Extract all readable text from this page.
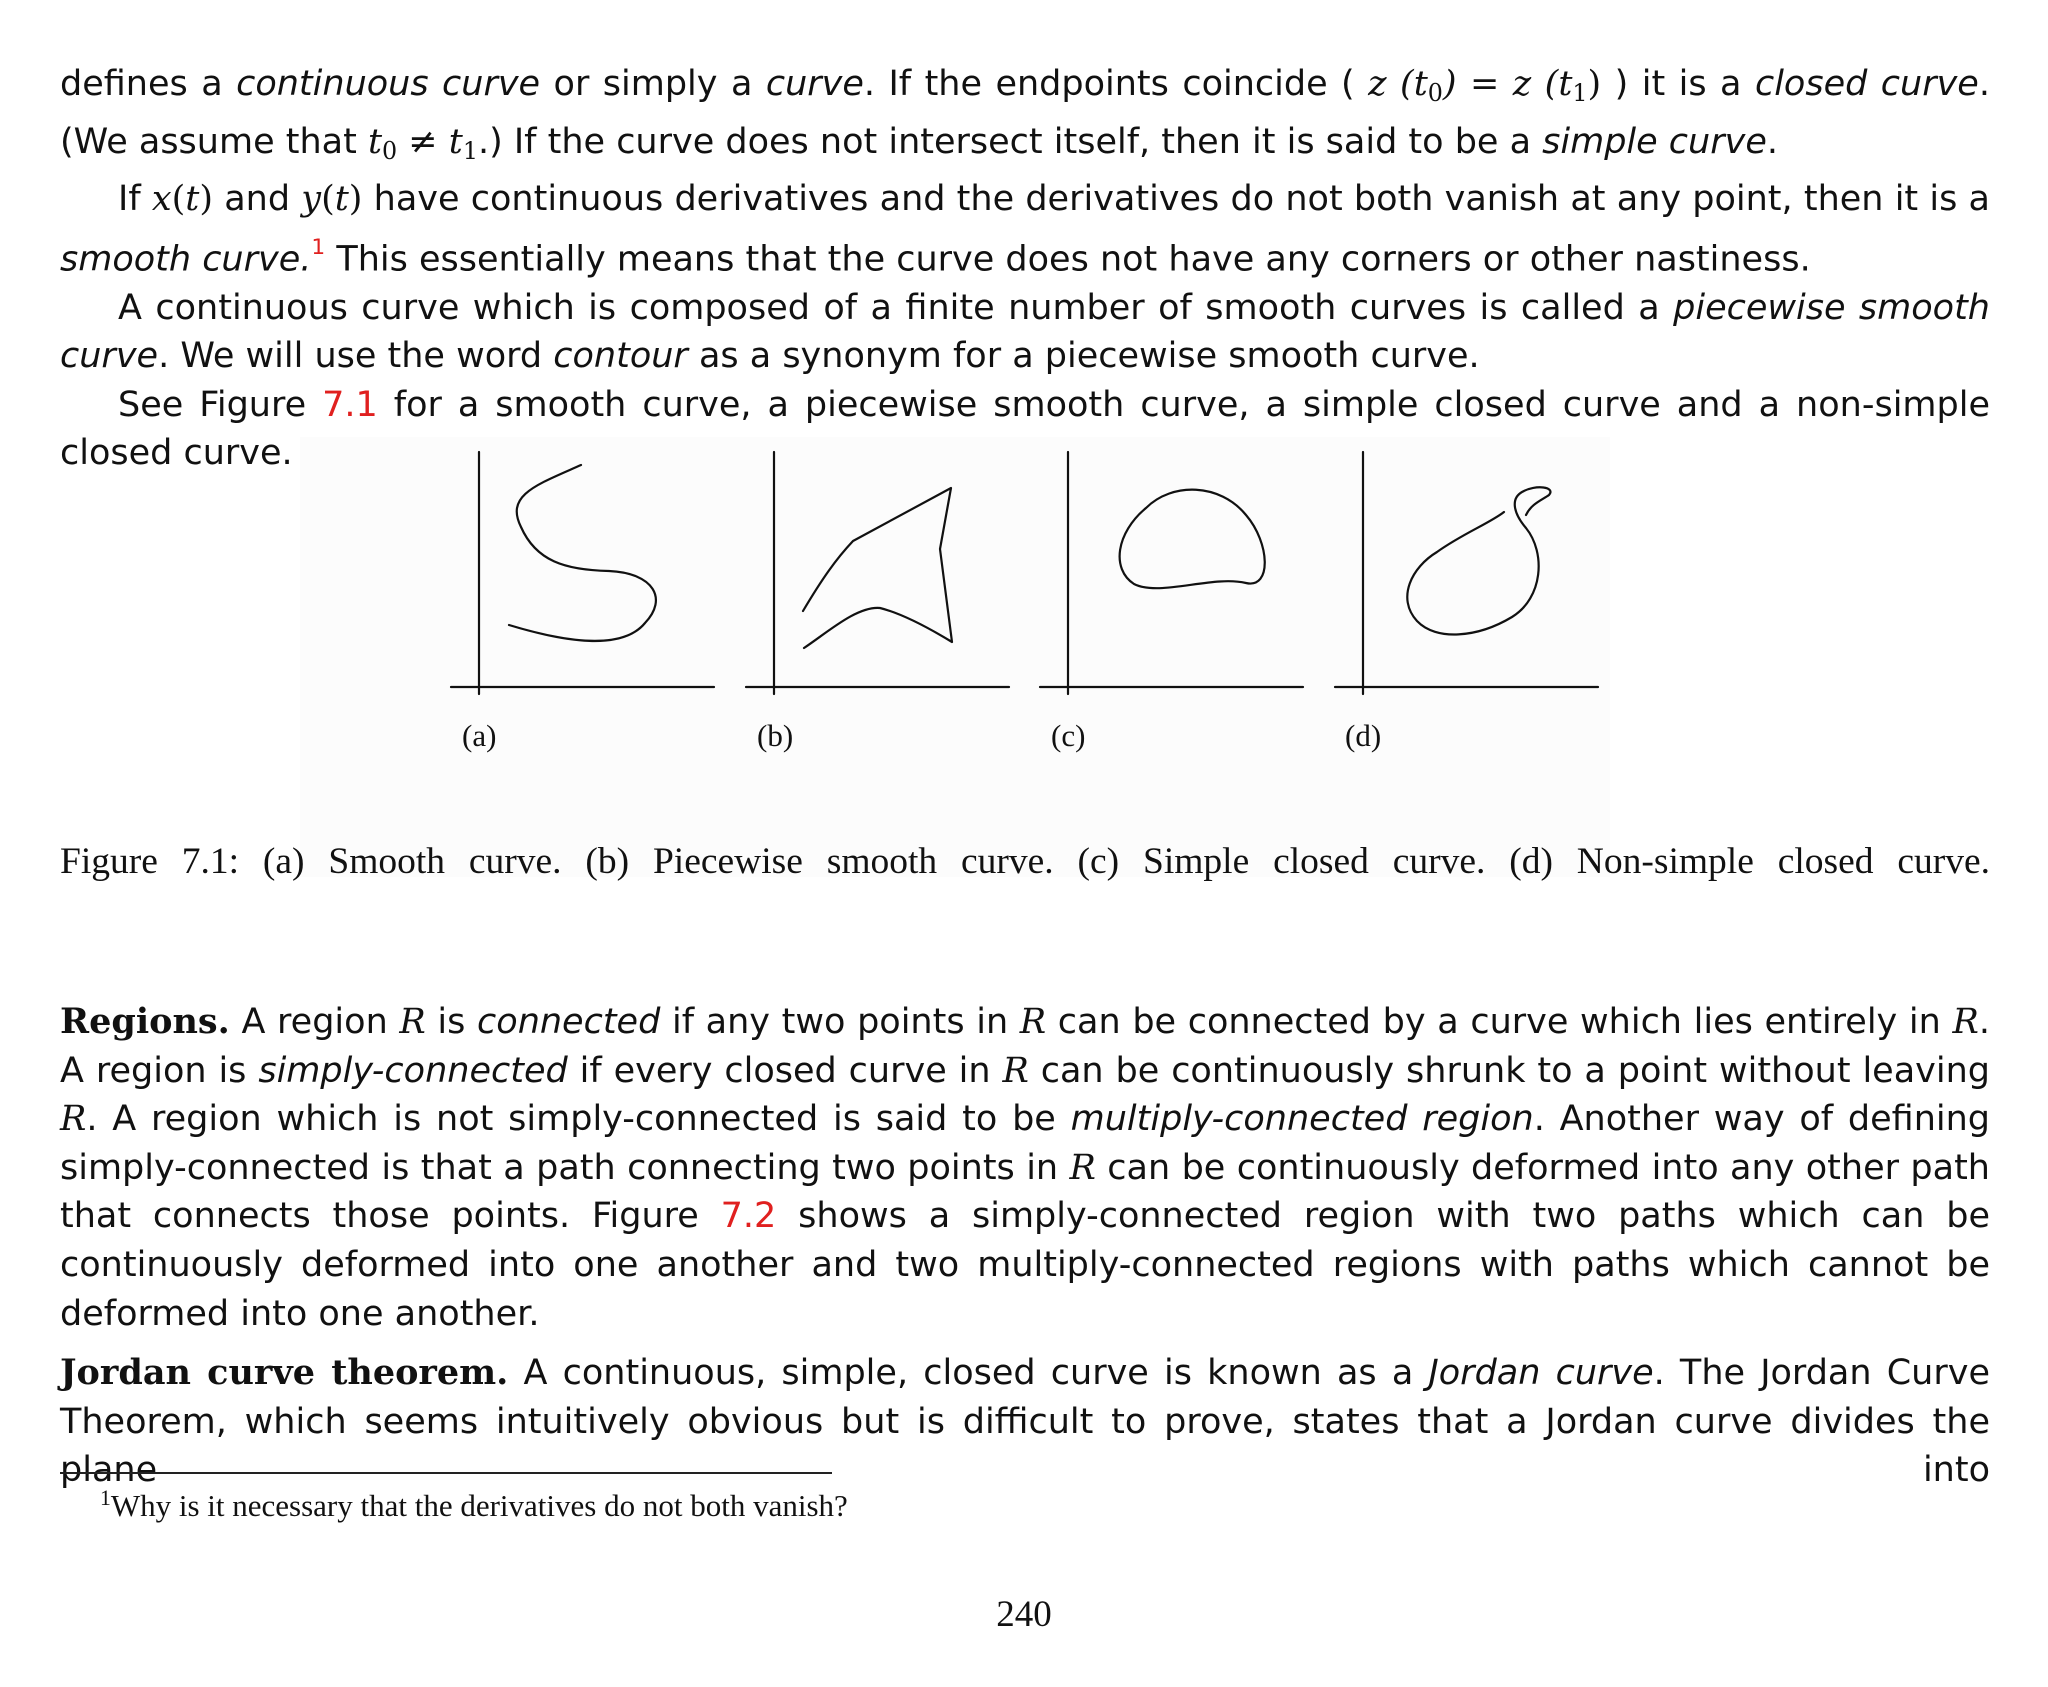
defines a continuous curve or simply a curve. If the endpoints coincide ( z $(t_0) = z$ $(t_1)$ ) it is a closed curve. (We assume that $t_0 \ne t_1$.) If the curve does not intersect itself, then it is said to be a simple curve.

If x(t) and y(t) have continuous derivatives and the derivatives do not both vanish at any point, then it is a smooth curve.$^1$ This essentially means that the curve does not have any corners or other nastiness.

A continuous curve which is composed of a finite number of smooth curves is called a piecewise smooth curve. We will use the word contour as a synonym for a piecewise smooth curve.

See Figure 7.1 for a smooth curve, a piecewise smooth curve, a simple closed curve and a non-simple closed curve.

(a)	(b)	(c)	(d)
Figure 7.1: (a) Smooth curve. (b) Piecewise smooth curve. (c) Simple closed curve. (d) Non-simple closed curve.

Regions. A region R is connected if any two points in R can be connected by a curve which lies entirely in R. A region is simply-connected if every closed curve in R can be continuously shrunk to a point without leaving R. A region which is not simply-connected is said to be multiply-connected region. Another way of defining simply-connected is that a path connecting two points in R can be continuously deformed into any other path that connects those points. Figure 7.2 shows a simply-connected region with two paths which can be continuously deformed into one another and two multiply-connected regions with paths which cannot be deformed into one another.

Jordan curve theorem. A continuous, simple, closed curve is known as a Jordan curve. The Jordan Curve Theorem, which seems intuitively obvious but is difficult to prove, states that a Jordan curve divides the plane into

$^1$Why is it necessary that the derivatives do not both vanish?
240
